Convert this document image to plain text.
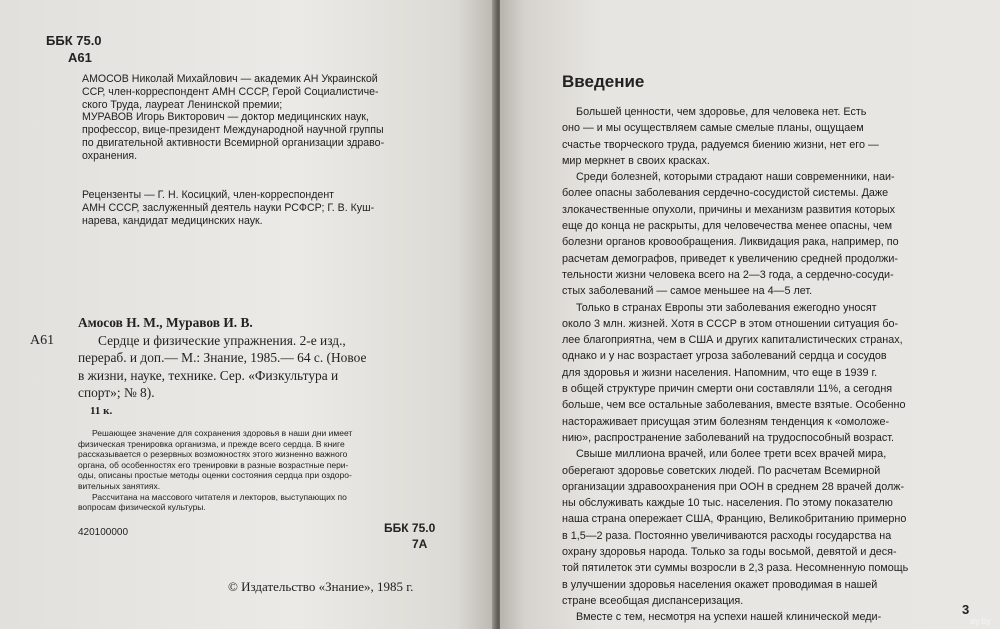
ББК 75.0
А61
АМОСОВ Николай Михайлович — академик АН Украинской
ССР, член-корреспондент АМН СССР, Герой Социалистиче-
ского Труда, лауреат Ленинской премии;
МУРАВОВ Игорь Викторович — доктор медицинских наук,
профессор, вице-президент Международной научной группы
по двигательной активности Всемирной организации здраво-
охранения.
Рецензенты — Г. Н. Косицкий, член-корреспондент
АМН СССР, заслуженный деятель науки РСФСР; Г. В. Куш-
нарева, кандидат медицинских наук.
А61
Амосов Н. М., Муравов И. В.
Сердце и физические упражнения. 2-е изд.,
перераб. и доп.— М.: Знание, 1985.— 64 с. (Новое
в жизни, науке, технике. Сер. «Физкультура и
спорт»; № 8).
11 к.
Решающее значение для сохранения здоровья в наши дни имеет
физическая тренировка организма, и прежде всего сердца. В книге
рассказывается о резервных возможностях этого жизненно важного
органа, об особенностях его тренировки в разные возрастные пери-
оды, описаны простые методы оценки состояния сердца при оздоро-
вительных занятиях.
Рассчитана на массового читателя и лекторов, выступающих по
вопросам физической культуры.
420100000	ББК 75.0
7А
© Издательство «Знание», 1985 г.
Введение
Большей ценности, чем здоровье, для человека нет. Есть
оно — и мы осуществляем самые смелые планы, ощущаем
счастье творческого труда, радуемся биению жизни, нет его —
мир меркнет в своих красках.
Среди болезней, которыми страдают наши современники, наи-
более опасны заболевания сердечно-сосудистой системы. Даже
злокачественные опухоли, причины и механизм развития которых
еще до конца не раскрыты, для человечества менее опасны, чем
болезни органов кровообращения. Ликвидация рака, например, по
расчетам демографов, приведет к увеличению средней продолжи-
тельности жизни человека всего на 2—3 года, а сердечно-сосуди-
стых заболеваний — самое меньшее на 4—5 лет.
Только в странах Европы эти заболевания ежегодно уносят
около 3 млн. жизней. Хотя в СССР в этом отношении ситуация бо-
лее благоприятна, чем в США и других капиталистических странах,
однако и у нас возрастает угроза заболеваний сердца и сосудов
для здоровья и жизни населения. Напомним, что еще в 1939 г.
в общей структуре причин смерти они составляли 11%, а сегодня
больше, чем все остальные заболевания, вместе взятые. Особенно
настораживает присущая этим болезням тенденция к «омоложе-
нию», распространение заболеваний на трудоспособный возраст.
Свыше миллиона врачей, или более трети всех врачей мира,
оберегают здоровье советских людей. По расчетам Всемирной
организации здравоохранения при ООН в среднем 28 врачей долж-
ны обслуживать каждые 10 тыс. населения. По этому показателю
наша страна опережает США, Францию, Великобританию примерно
в 1,5—2 раза. Постоянно увеличиваются расходы государства на
охрану здоровья народа. Только за годы восьмой, девятой и деся-
той пятилеток эти суммы возросли в 2,3 раза. Несомненную помощь
в улучшении здоровья населения окажет проводимая в нашей
стране всеобщая диспансеризация.
Вместе с тем, несмотря на успехи нашей клинической меди-
3
ay.by
